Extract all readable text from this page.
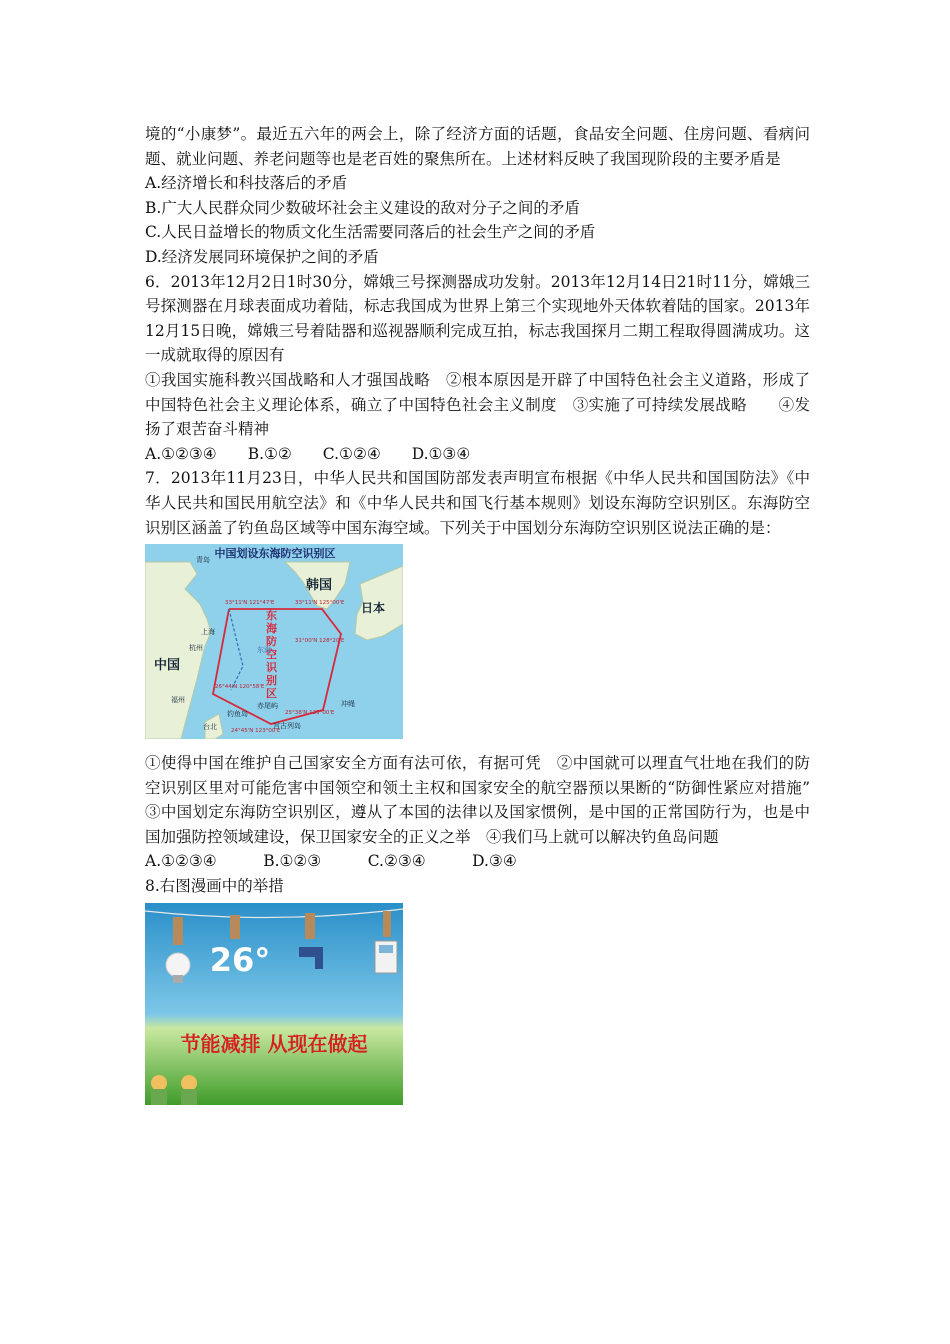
境的“小康梦”。最近五六年的两会上，除了经济方面的话题，食品安全问题、住房问题、看病问题、就业问题、养老问题等也是老百姓的聚焦所在。上述材料反映了我国现阶段的主要矛盾是

A.经济增长和科技落后的矛盾

B.广大人民群众同少数破坏社会主义建设的敌对分子之间的矛盾

C.人民日益增长的物质文化生活需要同落后的社会生产之间的矛盾

D.经济发展同环境保护之间的矛盾

6．2013年12月2日1时30分，嫦娥三号探测器成功发射。2013年12月14日21时11分，嫦娥三号探测器在月球表面成功着陆，标志我国成为世界上第三个实现地外天体软着陆的国家。2013年12月15日晚，嫦娥三号着陆器和巡视器顺利完成互拍，标志我国探月二期工程取得圆满成功。这一成就取得的原因有

①我国实施科教兴国战略和人才强国战略　②根本原因是开辟了中国特色社会主义道路，形成了中国特色社会主义理论体系，确立了中国特色社会主义制度　③实施了可持续发展战略　　④发扬了艰苦奋斗精神

A.①②③④　　B.①②　　C.①②④　　D.①③④

7．2013年11月23日，中华人民共和国国防部发表声明宣布根据《中华人民共和国国防法》《中华人民共和国民用航空法》和《中华人民共和国飞行基本规则》划设东海防空识别区。东海防空识别区涵盖了钓鱼岛区域等中国东海空域。下列关于中国划分东海防空识别区说法正确的是：

中国划设东海防空识别区
韩国
日本
中国
东海防空识别区
青岛
上海
杭州
福州
台北
冲绳
钓鱼岛
赤尾屿
宫古列岛
东海
33°11'N 121°47'E	33°11'N 125°00'E
31°00'N 128°20'E
25°38'N 125°00'E
24°45'N 123°00'E
26°44'N 120°58'E

①使得中国在维护自己国家安全方面有法可依，有据可凭　②中国就可以理直气壮地在我们的防空识别区里对可能危害中国领空和领土主权和国家安全的航空器预以果断的“防御性紧应对措施”　③中国划定东海防空识别区，遵从了本国的法律以及国家惯例，是中国的正常国防行为，也是中国加强防控领域建设，保卫国家安全的正义之举　④我们马上就可以解决钓鱼岛问题

A.①②③④　　　B.①②③　　　C.②③④　　　D.③④

8.右图漫画中的举措

26°
节能减排 从现在做起
